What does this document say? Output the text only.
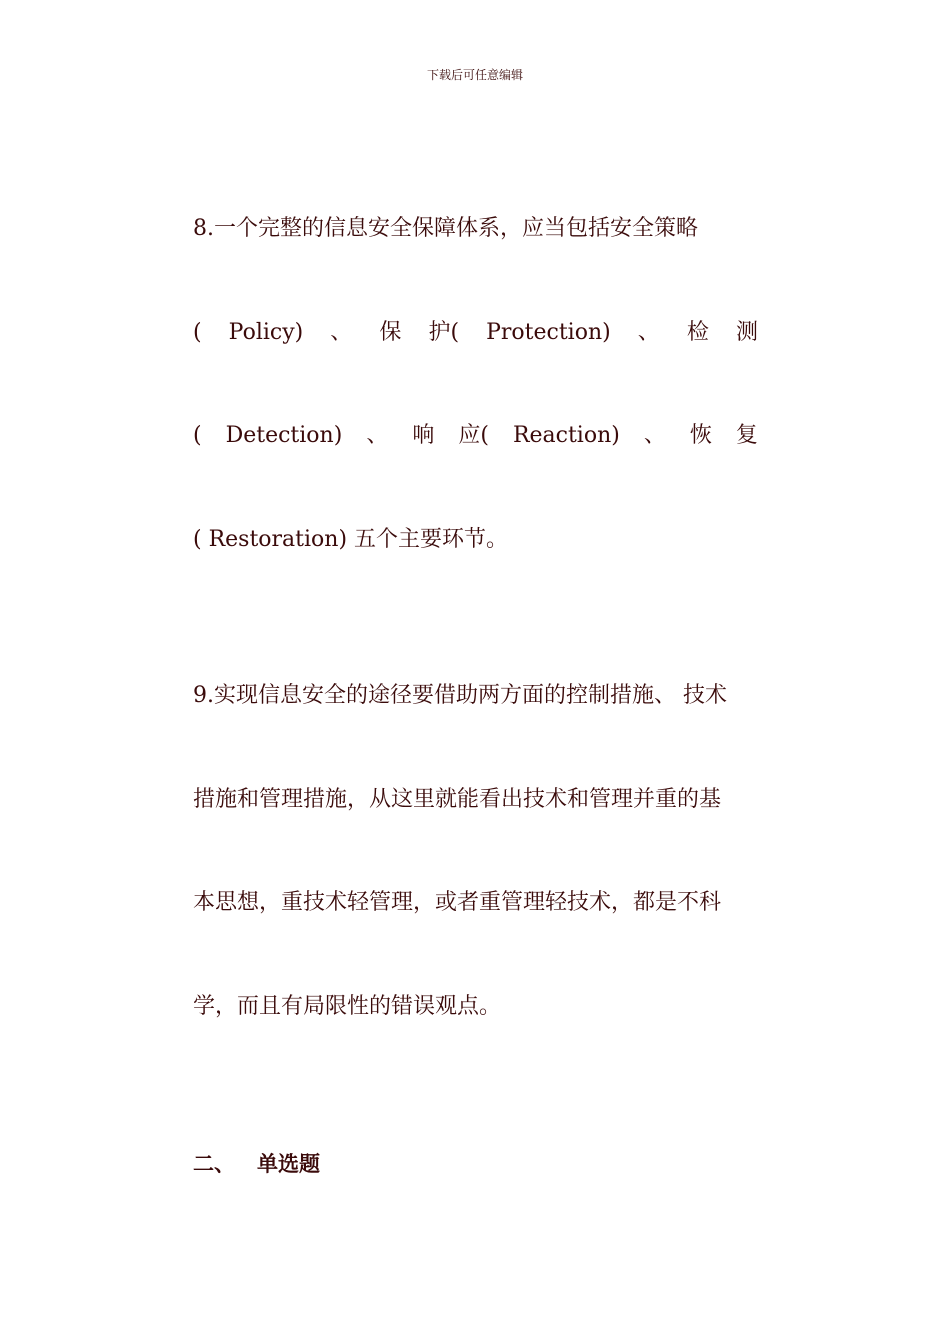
下载后可任意编辑
8.一个完整的信息安全保障体系，应当包括安全策略
( Policy) 、 保 护( Protection) 、 检 测
( Detection) 、 响 应( Reaction) 、 恢 复
( Restoration) 五个主要环节。
9.实现信息安全的途径要借助两方面的控制措施、 技术
措施和管理措施，从这里就能看出技术和管理并重的基
本思想，重技术轻管理，或者重管理轻技术，都是不科
学，而且有局限性的错误观点。
二、 单选题
